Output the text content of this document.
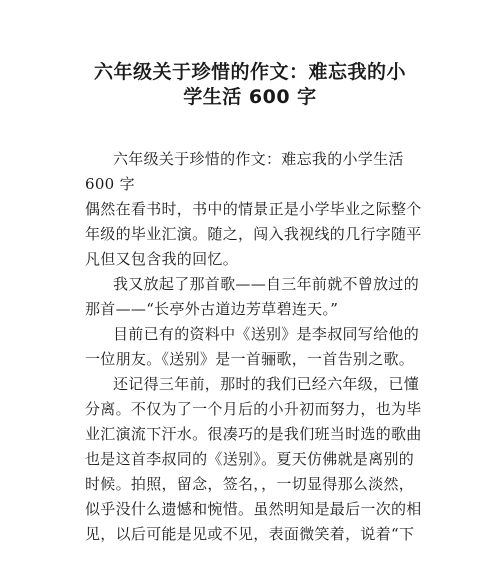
六年级关于珍惜的作文：难忘我的小
学生活 600 字
六年级关于珍惜的作文：难忘我的小学生活
600 字
偶然在看书时，书中的情景正是小学毕业之际整个
年级的毕业汇演。随之，闯入我视线的几行字随平
凡但又包含我的回忆。
我又放起了那首歌——自三年前就不曾放过的
那首——“长亭外古道边芳草碧连天。”
目前已有的资料中《送别》是李叔同写给他的
一位朋友。《送别》是一首骊歌，一首告别之歌。
还记得三年前，那时的我们已经六年级，已懂
分离。不仅为了一个月后的小升初而努力，也为毕
业汇演流下汗水。很凑巧的是我们班当时选的歌曲
也是这首李叔同的《送别》。夏天仿佛就是离别的
时候。拍照，留念，签名，，一切显得那么淡然，
似乎没什么遗憾和惋惜。虽然明知是最后一次的相
见，以后可能是见或不见，表面微笑着，说着“下
